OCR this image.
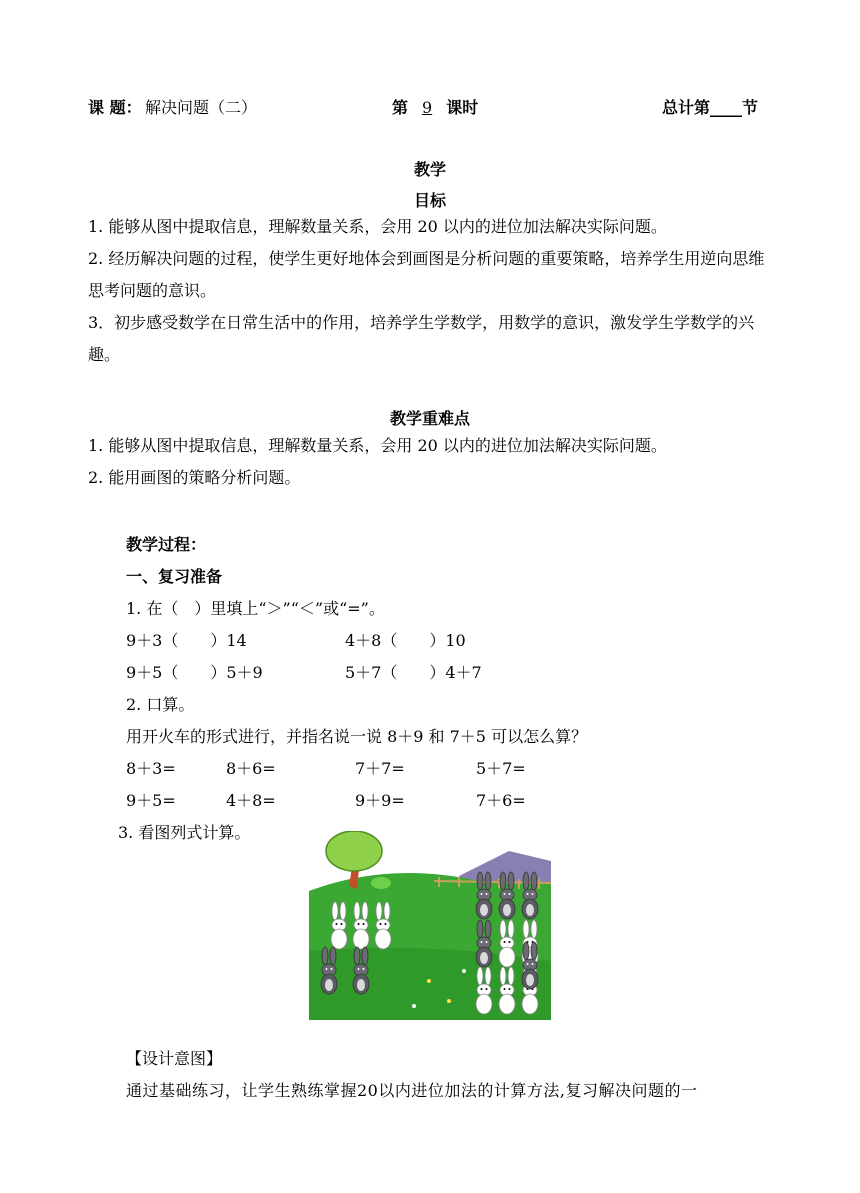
课 题： 解决问题（二）	第 9 课时	总计第____节
教学
目标
1. 能够从图中提取信息，理解数量关系，会用 20 以内的进位加法解决实际问题。
2. 经历解决问题的过程，使学生更好地体会到画图是分析问题的重要策略，培养学生用逆向思维思考问题的意识。
3．初步感受数学在日常生活中的作用，培养学生学数学，用数学的意识，激发学生学数学的兴趣。
教学重难点
1. 能够从图中提取信息，理解数量关系，会用 20 以内的进位加法解决实际问题。
2. 能用画图的策略分析问题。
教学过程：
一、复习准备
1. 在（　）里填上“＞”“＜”或“=”。
9＋3（　　）14	4＋8（　　）10
9＋5（　　）5＋9	5＋7（　　）4＋7
2. 口算。
用开火车的形式进行，并指名说一说 8＋9 和 7＋5 可以怎么算？
8＋3=	8＋6=	7＋7=	5＋7=
9＋5=	4＋8=	9＋9=	7＋6=
3. 看图列式计算。
【设计意图】
通过基础练习，让学生熟练掌握20以内进位加法的计算方法,复习解决问题的一
